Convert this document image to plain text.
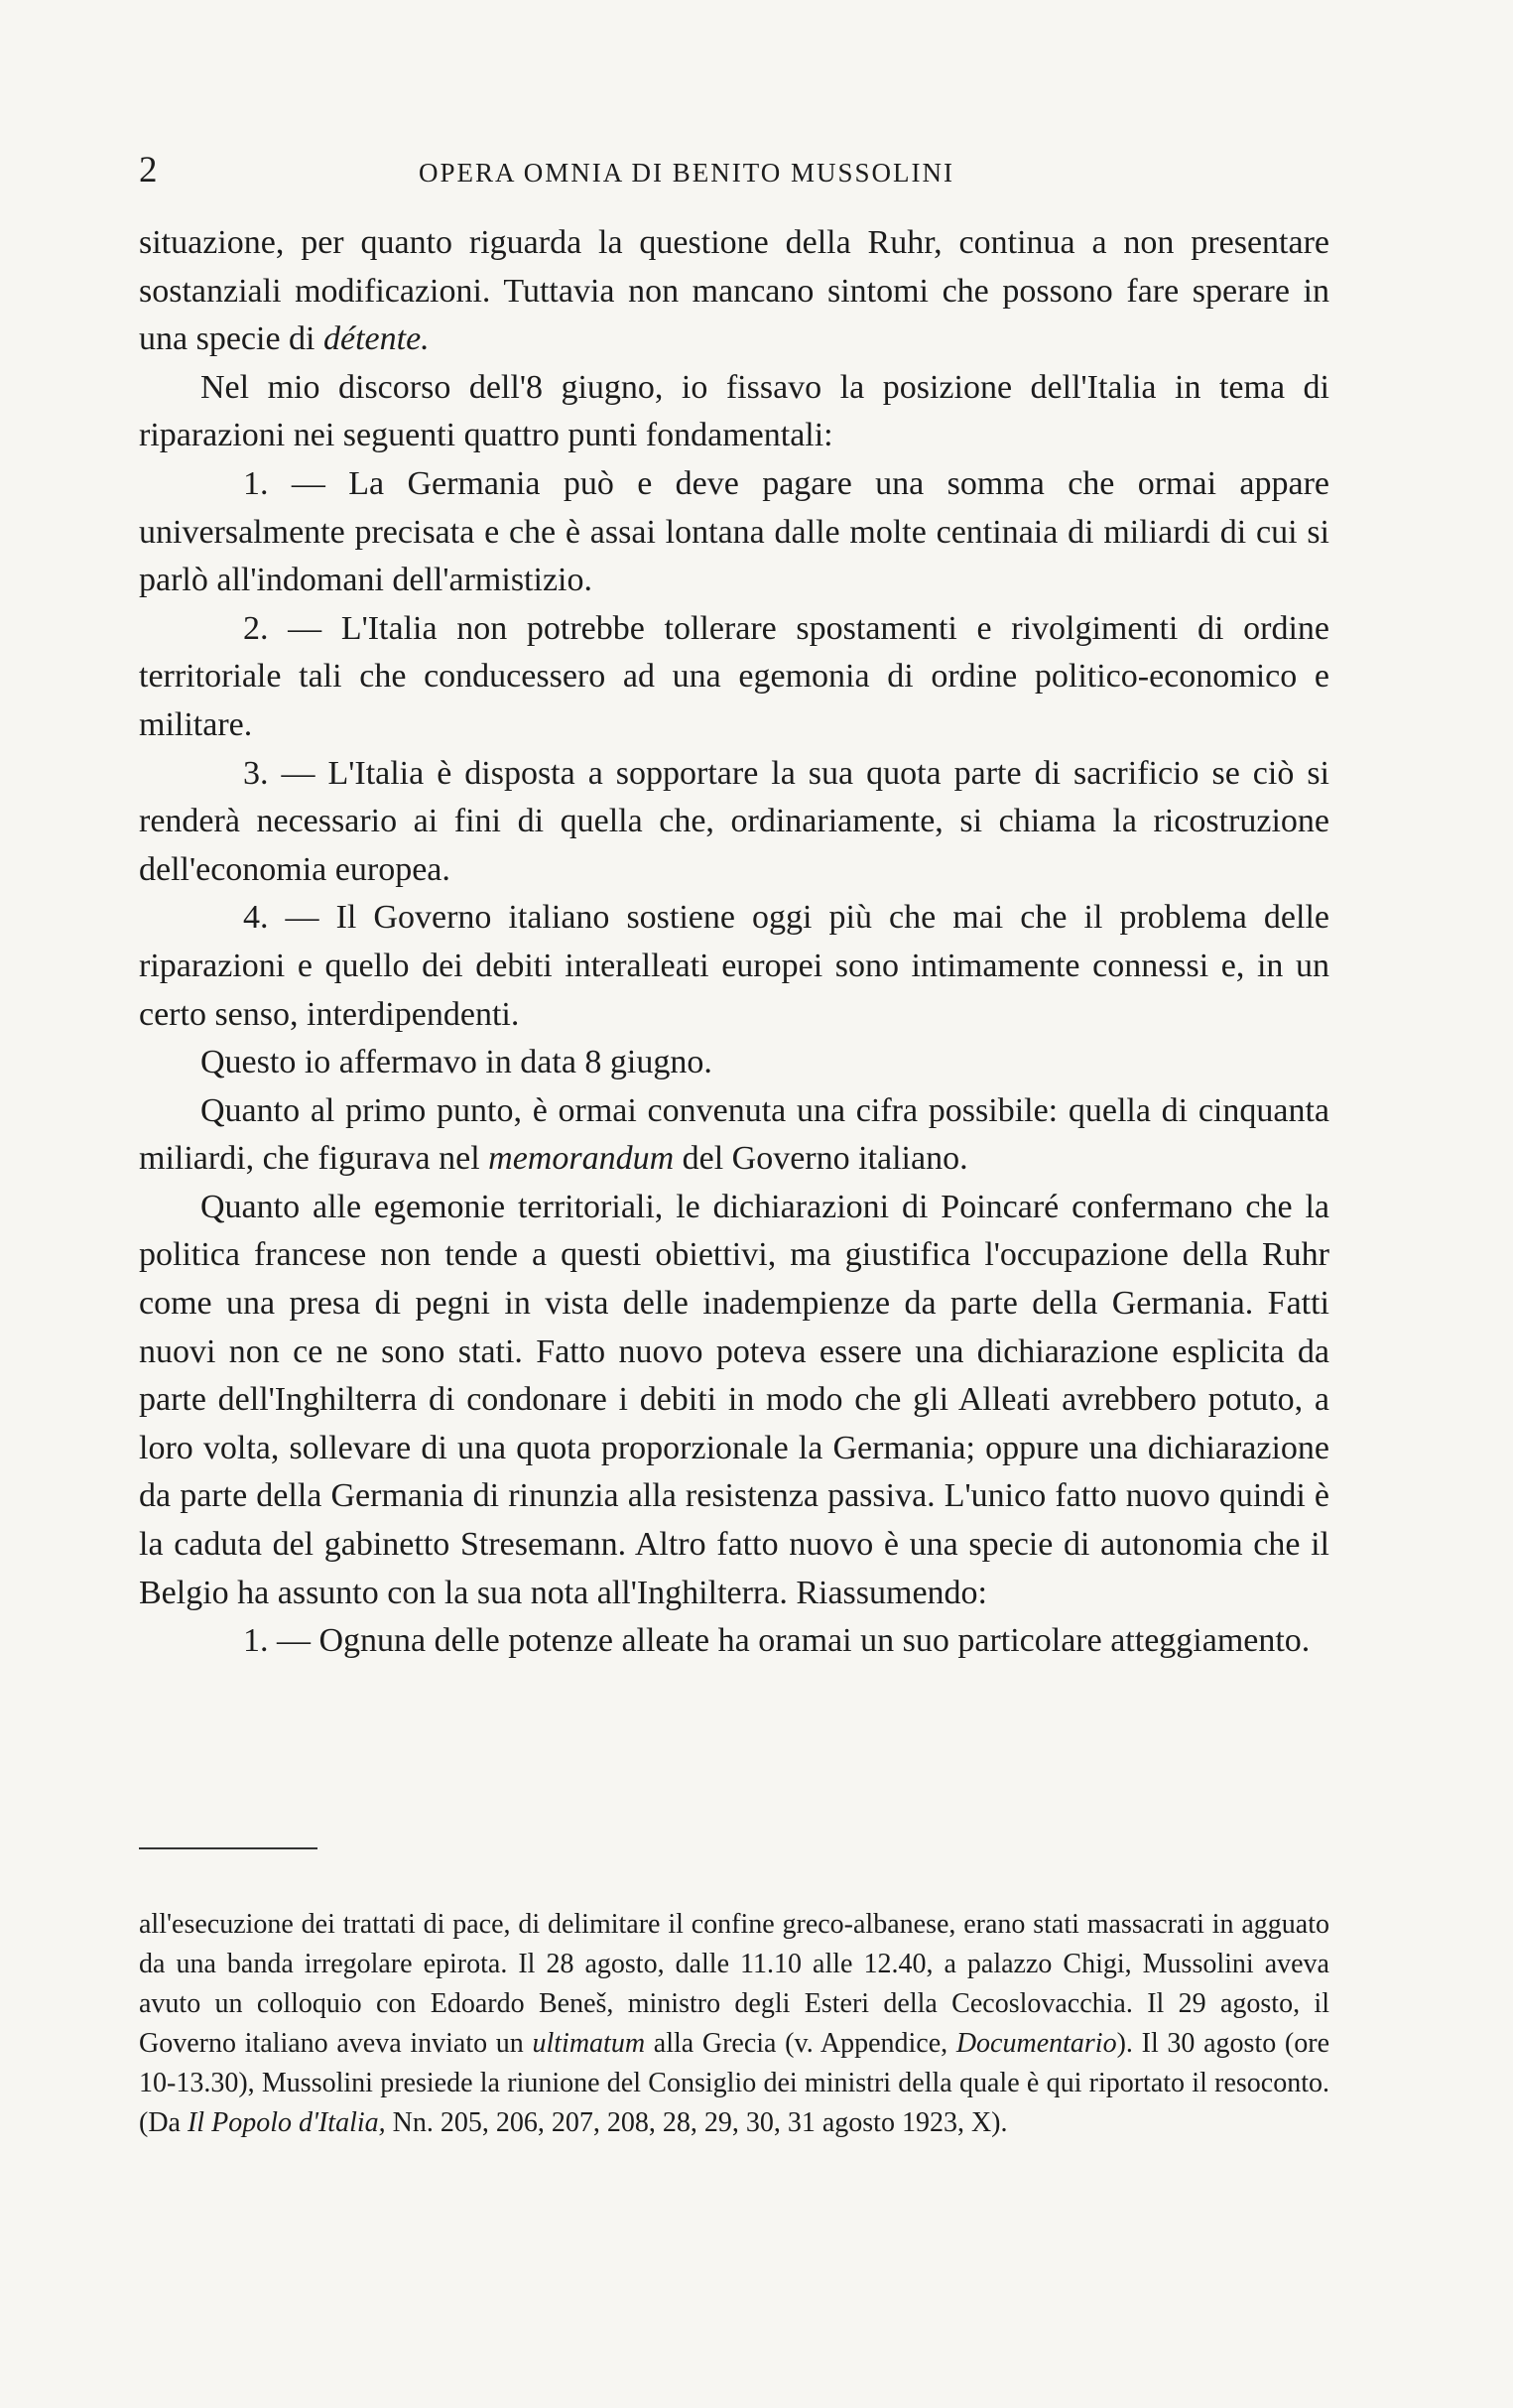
2	OPERA OMNIA DI BENITO MUSSOLINI

situazione, per quanto riguarda la questione della Ruhr, continua a non presentare sostanziali modificazioni. Tuttavia non mancano sintomi che possono fare sperare in una specie di détente.

Nel mio discorso dell'8 giugno, io fissavo la posizione dell'Italia in tema di riparazioni nei seguenti quattro punti fondamentali:

1. — La Germania può e deve pagare una somma che ormai appare universalmente precisata e che è assai lontana dalle molte centinaia di miliardi di cui si parlò all'indomani dell'armistizio.

2. — L'Italia non potrebbe tollerare spostamenti e rivolgimenti di ordine territoriale tali che conducessero ad una egemonia di ordine politico-economico e militare.

3. — L'Italia è disposta a sopportare la sua quota parte di sacrificio se ciò si renderà necessario ai fini di quella che, ordinariamente, si chiama la ricostruzione dell'economia europea.

4. — Il Governo italiano sostiene oggi più che mai che il problema delle riparazioni e quello dei debiti interalleati europei sono intimamente connessi e, in un certo senso, interdipendenti.

Questo io affermavo in data 8 giugno.

Quanto al primo punto, è ormai convenuta una cifra possibile: quella di cinquanta miliardi, che figurava nel memorandum del Governo italiano.

Quanto alle egemonie territoriali, le dichiarazioni di Poincaré confermano che la politica francese non tende a questi obiettivi, ma giustifica l'occupazione della Ruhr come una presa di pegni in vista delle inadempienze da parte della Germania. Fatti nuovi non ce ne sono stati. Fatto nuovo poteva essere una dichiarazione esplicita da parte dell'Inghilterra di condonare i debiti in modo che gli Alleati avrebbero potuto, a loro volta, sollevare di una quota proporzionale la Germania; oppure una dichiarazione da parte della Germania di rinunzia alla resistenza passiva. L'unico fatto nuovo quindi è la caduta del gabinetto Stresemann. Altro fatto nuovo è una specie di autonomia che il Belgio ha assunto con la sua nota all'Inghilterra. Riassumendo:

1. — Ognuna delle potenze alleate ha oramai un suo particolare atteggiamento.

all'esecuzione dei trattati di pace, di delimitare il confine greco-albanese, erano stati massacrati in agguato da una banda irregolare epirota. Il 28 agosto, dalle 11.10 alle 12.40, a palazzo Chigi, Mussolini aveva avuto un colloquio con Edoardo Beneš, ministro degli Esteri della Cecoslovacchia. Il 29 agosto, il Governo italiano aveva inviato un ultimatum alla Grecia (v. Appendice, Documentario). Il 30 agosto (ore 10-13.30), Mussolini presiede la riunione del Consiglio dei ministri della quale è qui riportato il resoconto. (Da Il Popolo d'Italia, Nn. 205, 206, 207, 208, 28, 29, 30, 31 agosto 1923, X).
